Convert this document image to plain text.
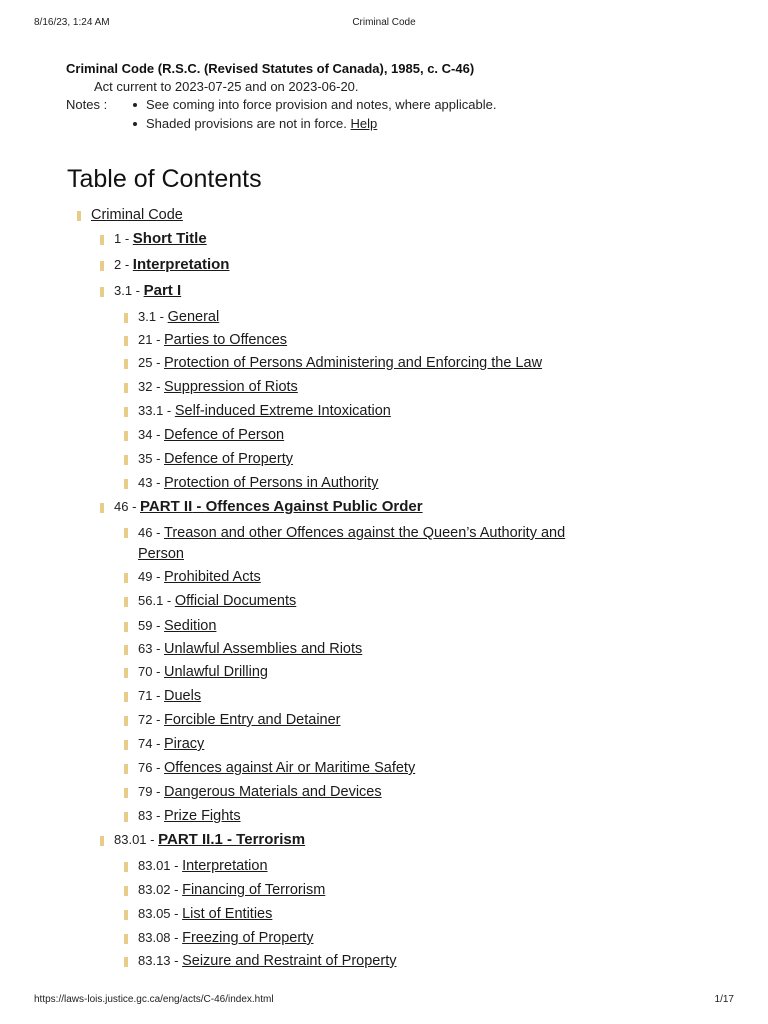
8/16/23, 1:24 AM	Criminal Code
Criminal Code (R.S.C. (Revised Statutes of Canada), 1985, c. C-46)
Act current to 2023-07-25 and on 2023-06-20.
Notes :	See coming into force provision and notes, where applicable.
Shaded provisions are not in force. Help
Table of Contents
Criminal Code
1 - Short Title
2 - Interpretation
3.1 - Part I
3.1 - General
21 - Parties to Offences
25 - Protection of Persons Administering and Enforcing the Law
32 - Suppression of Riots
33.1 - Self-induced Extreme Intoxication
34 - Defence of Person
35 - Defence of Property
43 - Protection of Persons in Authority
46 - PART II - Offences Against Public Order
46 - Treason and other Offences against the Queen’s Authority and Person
49 - Prohibited Acts
56.1 - Official Documents
59 - Sedition
63 - Unlawful Assemblies and Riots
70 - Unlawful Drilling
71 - Duels
72 - Forcible Entry and Detainer
74 - Piracy
76 - Offences against Air or Maritime Safety
79 - Dangerous Materials and Devices
83 - Prize Fights
83.01 - PART II.1 - Terrorism
83.01 - Interpretation
83.02 - Financing of Terrorism
83.05 - List of Entities
83.08 - Freezing of Property
83.13 - Seizure and Restraint of Property
https://laws-lois.justice.gc.ca/eng/acts/C-46/index.html	1/17
